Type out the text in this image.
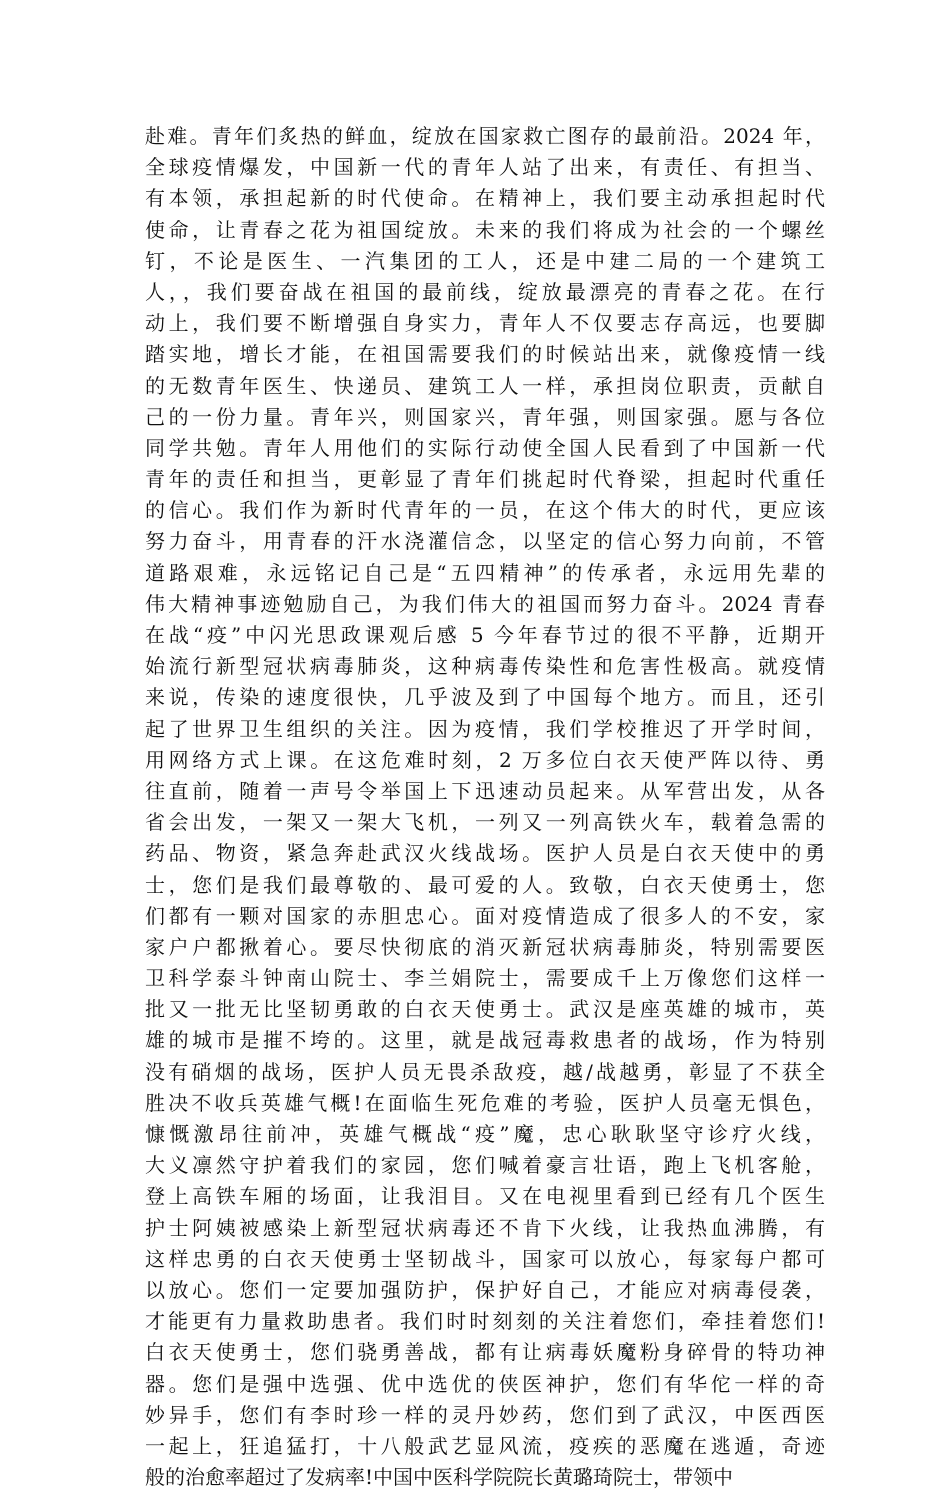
赴难。青年们炙热的鲜血，绽放在国家救亡图存的最前沿。2024 年，
全球疫情爆发，中国新一代的青年人站了出来，有责任、有担当、
有本领，承担起新的时代使命。在精神上，我们要主动承担起时代
使命，让青春之花为祖国绽放。未来的我们将成为社会的一个螺丝
钉，不论是医生、一汽集团的工人，还是中建二局的一个建筑工
人，，我们要奋战在祖国的最前线，绽放最漂亮的青春之花。在行
动上，我们要不断增强自身实力，青年人不仅要志存高远，也要脚
踏实地，增长才能，在祖国需要我们的时候站出来，就像疫情一线
的无数青年医生、快递员、建筑工人一样，承担岗位职责，贡献自
己的一份力量。青年兴，则国家兴，青年强，则国家强。愿与各位
同学共勉。青年人用他们的实际行动使全国人民看到了中国新一代
青年的责任和担当，更彰显了青年们挑起时代脊梁，担起时代重任
的信心。我们作为新时代青年的一员，在这个伟大的时代，更应该
努力奋斗，用青春的汗水浇灌信念，以坚定的信心努力向前，不管
道路艰难，永远铭记自己是“五四精神”的传承者，永远用先辈的
伟大精神事迹勉励自己，为我们伟大的祖国而努力奋斗。2024 青春
在战“疫”中闪光思政课观后感 5 今年春节过的很不平静，近期开
始流行新型冠状病毒肺炎，这种病毒传染性和危害性极高。就疫情
来说，传染的速度很快，几乎波及到了中国每个地方。而且，还引
起了世界卫生组织的关注。因为疫情，我们学校推迟了开学时间，
用网络方式上课。在这危难时刻，2 万多位白衣天使严阵以待、勇
往直前，随着一声号令举国上下迅速动员起来。从军营出发，从各
省会出发，一架又一架大飞机，一列又一列高铁火车，载着急需的
药品、物资，紧急奔赴武汉火线战场。医护人员是白衣天使中的勇
士，您们是我们最尊敬的、最可爱的人。致敬，白衣天使勇士，您
们都有一颗对国家的赤胆忠心。面对疫情造成了很多人的不安，家
家户户都揪着心。要尽快彻底的消灭新冠状病毒肺炎，特别需要医
卫科学泰斗钟南山院士、李兰娟院士，需要成千上万像您们这样一
批又一批无比坚韧勇敢的白衣天使勇士。武汉是座英雄的城市，英
雄的城市是摧不垮的。这里，就是战冠毒救患者的战场，作为特别
没有硝烟的战场，医护人员无畏杀敌疫，越/战越勇，彰显了不获全
胜决不收兵英雄气概!在面临生死危难的考验，医护人员毫无惧色，
慷慨激昂往前冲，英雄气概战“疫”魔，忠心耿耿坚守诊疗火线，
大义凛然守护着我们的家园，您们喊着豪言壮语，跑上飞机客舱，
登上高铁车厢的场面，让我泪目。又在电视里看到已经有几个医生
护士阿姨被感染上新型冠状病毒还不肯下火线，让我热血沸腾，有
这样忠勇的白衣天使勇士坚韧战斗，国家可以放心，每家每户都可
以放心。您们一定要加强防护，保护好自己，才能应对病毒侵袭，
才能更有力量救助患者。我们时时刻刻的关注着您们，牵挂着您们!
白衣天使勇士，您们骁勇善战，都有让病毒妖魔粉身碎骨的特功神
器。您们是强中选强、优中选优的侠医神护，您们有华佗一样的奇
妙异手，您们有李时珍一样的灵丹妙药，您们到了武汉，中医西医
一起上，狂追猛打，十八般武艺显风流，疫疾的恶魔在逃遁，奇迹
般的治愈率超过了发病率!中国中医科学院院长黄璐琦院士，带领中
